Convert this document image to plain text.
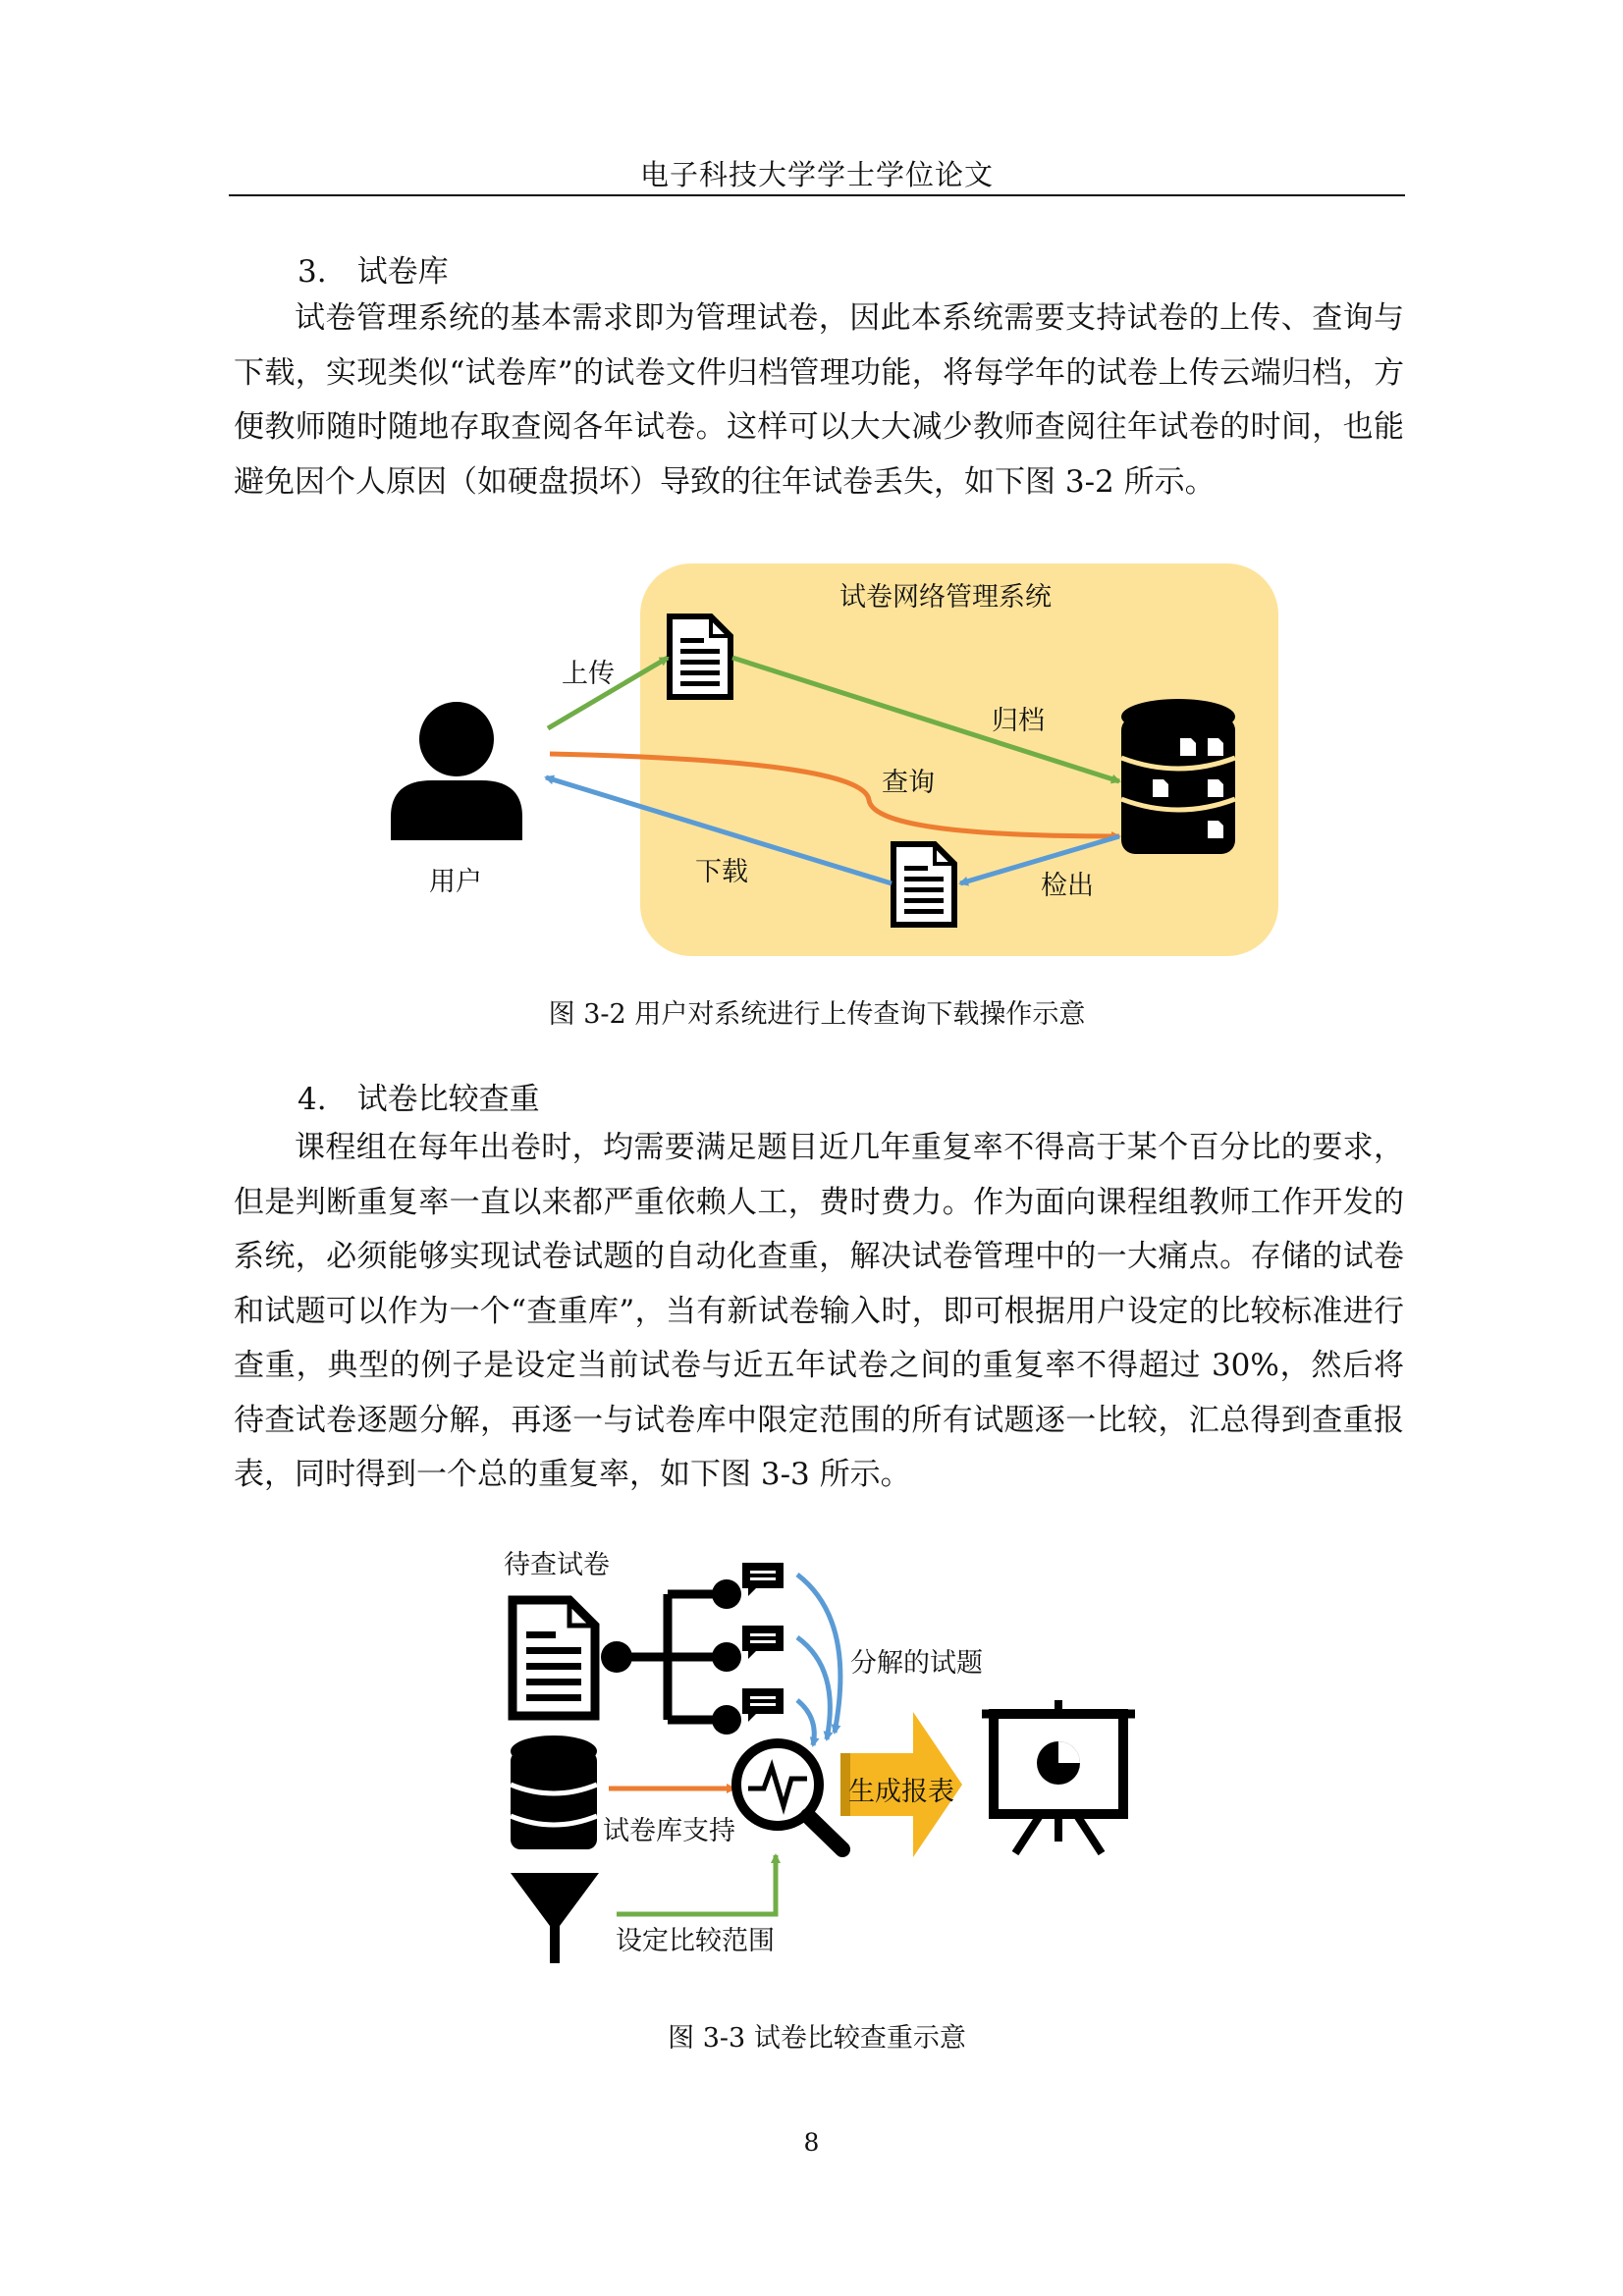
电子科技大学学士学位论文
3.　试卷库

试卷管理系统的基本需求即为管理试卷，因此本系统需要支持试卷的上传、查询与下载，实现类似“试卷库”的试卷文件归档管理功能，将每学年的试卷上传云端归档，方便教师随时随地存取查阅各年试卷。这样可以大大减少教师查阅往年试卷的时间，也能避免因个人原因（如硬盘损坏）导致的往年试卷丢失，如下图 3-2 所示。

试卷网络管理系统
上传
归档
查询
下载	检出
用户
图 3-2 用户对系统进行上传查询下载操作示意
4.　试卷比较查重

课程组在每年出卷时，均需要满足题目近几年重复率不得高于某个百分比的要求，但是判断重复率一直以来都严重依赖人工，费时费力。作为面向课程组教师工作开发的系统，必须能够实现试卷试题的自动化查重，解决试卷管理中的一大痛点。存储的试卷和试题可以作为一个“查重库”，当有新试卷输入时，即可根据用户设定的比较标准进行查重，典型的例子是设定当前试卷与近五年试卷之间的重复率不得超过 30%，然后将待查试卷逐题分解，再逐一与试卷库中限定范围的所有试题逐一比较，汇总得到查重报表，同时得到一个总的重复率，如下图 3-3 所示。

待查试卷
分解的试题
生成报表
试卷库支持
设定比较范围
图 3-3 试卷比较查重示意
8
